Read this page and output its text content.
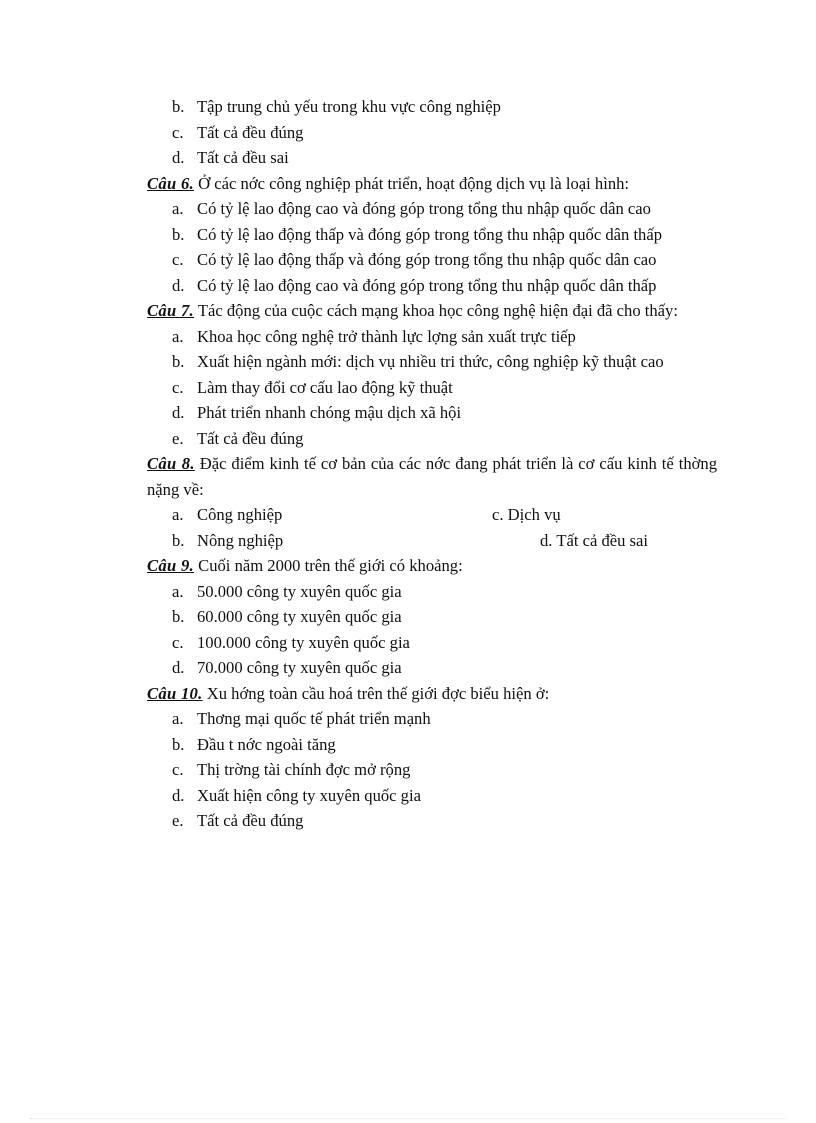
b. Tập trung chủ yếu trong khu vực công nghiệp
c. Tất cả đều đúng
d. Tất cả đều sai

Câu 6. Ở các nớc công nghiệp phát triển, hoạt động dịch vụ là loại hình:

a. Có tỷ lệ lao động cao và đóng góp trong tổng thu nhập quốc dân cao
b. Có tỷ lệ lao động thấp và đóng góp trong tổng thu nhập quốc dân thấp
c. Có tỷ lệ lao động thấp và đóng góp trong tổng thu nhập quốc dân cao
d. Có tỷ lệ lao động cao và đóng góp trong tổng thu nhập quốc dân thấp

Câu 7. Tác động của cuộc cách mạng khoa học công nghệ hiện đại đã cho thấy:

a. Khoa học công nghệ trở thành lực lợng sản xuất trực tiếp
b. Xuất hiện ngành mới: dịch vụ nhiều tri thức, công nghiệp kỹ thuật cao
c. Làm thay đổi cơ cấu lao động kỹ thuật
d. Phát triển nhanh chóng mậu dịch xã hội
e. Tất cả đều đúng

Câu 8. Đặc điểm kinh tế cơ bản của các nớc đang phát triển là cơ cấu kinh tế thờng nặng về:

a. Công nghiệp	c. Dịch vụ
b. Nông nghiệp	d. Tất cả đều sai

Câu 9. Cuối năm 2000 trên thế giới có khoảng:

a. 50.000 công ty xuyên quốc gia
b. 60.000 công ty xuyên quốc gia
c. 100.000 công ty xuyên quốc gia
d. 70.000 công ty xuyên quốc gia

Câu 10. Xu hớng toàn cầu hoá trên thế giới đợc biểu hiện ở:

a. Thơng mại quốc tế phát triển mạnh
b. Đầu t nớc ngoài tăng
c. Thị trờng tài chính đợc mở rộng
d. Xuất hiện công ty xuyên quốc gia
e. Tất cả đều đúng
